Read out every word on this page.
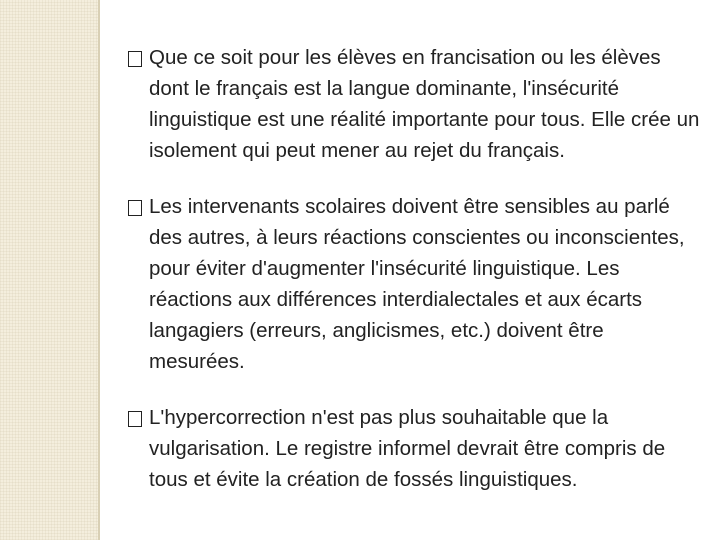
Que ce soit pour les élèves en francisation ou les élèves dont le français est la langue dominante, l'insécurité linguistique est une réalité importante pour tous. Elle crée un isolement qui peut mener au rejet du français.
Les intervenants scolaires doivent être sensibles au parlé des autres, à leurs réactions conscientes ou inconscientes, pour éviter d'augmenter l'insécurité linguistique. Les réactions aux différences interdialectales et aux écarts langagiers (erreurs, anglicismes, etc.) doivent être mesurées.
L'hypercorrection n'est pas plus souhaitable que la vulgarisation. Le registre informel devrait être compris de tous et évite la création de fossés linguistiques.
